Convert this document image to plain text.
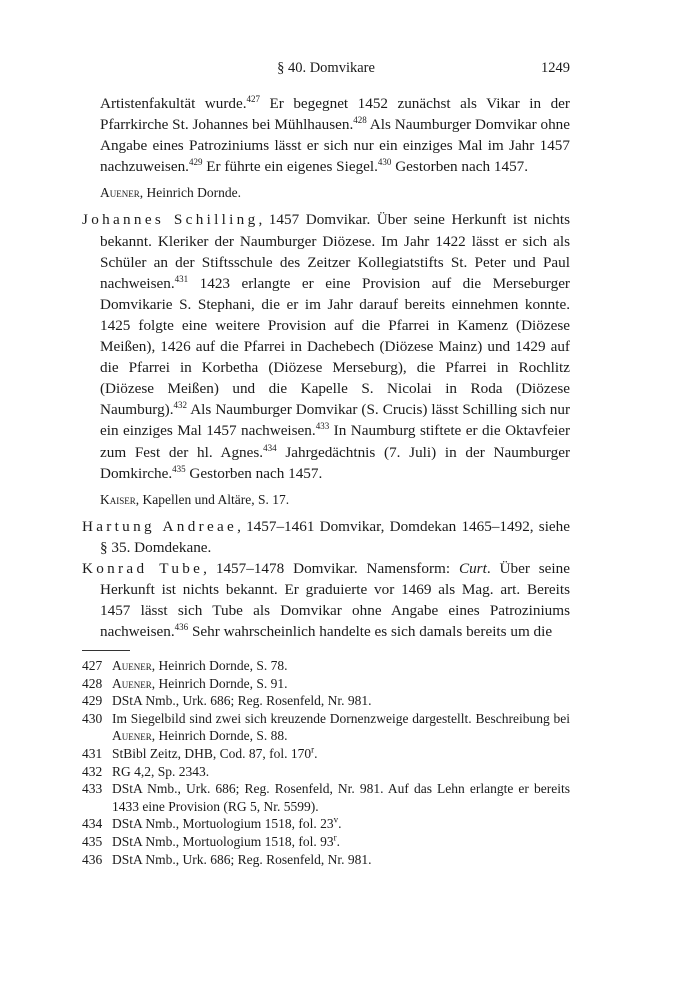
§ 40. Domvikare	1249

Artistenfakultät wurde.$^{427}$ Er begegnet 1452 zunächst als Vikar in der Pfarrkirche St. Johannes bei Mühlhausen.$^{428}$ Als Naumburger Domvikar ohne Angabe eines Patroziniums lässt er sich nur ein einziges Mal im Jahr 1457 nachzuweisen.$^{429}$ Er führte ein eigenes Siegel.$^{430}$ Gestorben nach 1457.

Auener, Heinrich Dornde.

Johannes Schilling, 1457 Domvikar. Über seine Herkunft ist nichts bekannt. Kleriker der Naumburger Diözese. Im Jahr 1422 lässt er sich als Schüler an der Stiftsschule des Zeitzer Kollegiatstifts St. Peter und Paul nachweisen.$^{431}$ 1423 erlangte er eine Provision auf die Merseburger Domvikarie S. Stephani, die er im Jahr darauf bereits einnehmen konnte. 1425 folgte eine weitere Provision auf die Pfarrei in Kamenz (Diözese Meißen), 1426 auf die Pfarrei in Dachebech (Diözese Mainz) und 1429 auf die Pfarrei in Korbetha (Diözese Merseburg), die Pfarrei in Rochlitz (Diözese Meißen) und die Kapelle S. Nicolai in Roda (Diözese Naumburg).$^{432}$ Als Naumburger Domvikar (S. Crucis) lässt Schilling sich nur ein einziges Mal 1457 nachweisen.$^{433}$ In Naumburg stiftete er die Oktavfeier zum Fest der hl. Agnes.$^{434}$ Jahrgedächtnis (7. Juli) in der Naumburger Domkirche.$^{435}$ Gestorben nach 1457.

Kaiser, Kapellen und Altäre, S. 17.

Hartung Andreae, 1457–1461 Domvikar, Domdekan 1465–1492, siehe § 35. Domdekane.

Konrad Tube, 1457–1478 Domvikar. Namensform: Curt. Über seine Herkunft ist nichts bekannt. Er graduierte vor 1469 als Mag. art. Bereits 1457 lässt sich Tube als Domvikar ohne Angabe eines Patroziniums nachweisen.$^{436}$ Sehr wahrscheinlich handelte es sich damals bereits um die

427 Auener, Heinrich Dornde, S. 78.
428 Auener, Heinrich Dornde, S. 91.
429 DStA Nmb., Urk. 686; Reg. Rosenfeld, Nr. 981.
430 Im Siegelbild sind zwei sich kreuzende Dornenzweige dargestellt. Beschreibung bei Auener, Heinrich Dornde, S. 88.
431 StBibl Zeitz, DHB, Cod. 87, fol. 170$^r$.
432 RG 4,2, Sp. 2343.
433 DStA Nmb., Urk. 686; Reg. Rosenfeld, Nr. 981. Auf das Lehn erlangte er bereits 1433 eine Provision (RG 5, Nr. 5599).
434 DStA Nmb., Mortuologium 1518, fol. 23$^v$.
435 DStA Nmb., Mortuologium 1518, fol. 93$^r$.
436 DStA Nmb., Urk. 686; Reg. Rosenfeld, Nr. 981.
